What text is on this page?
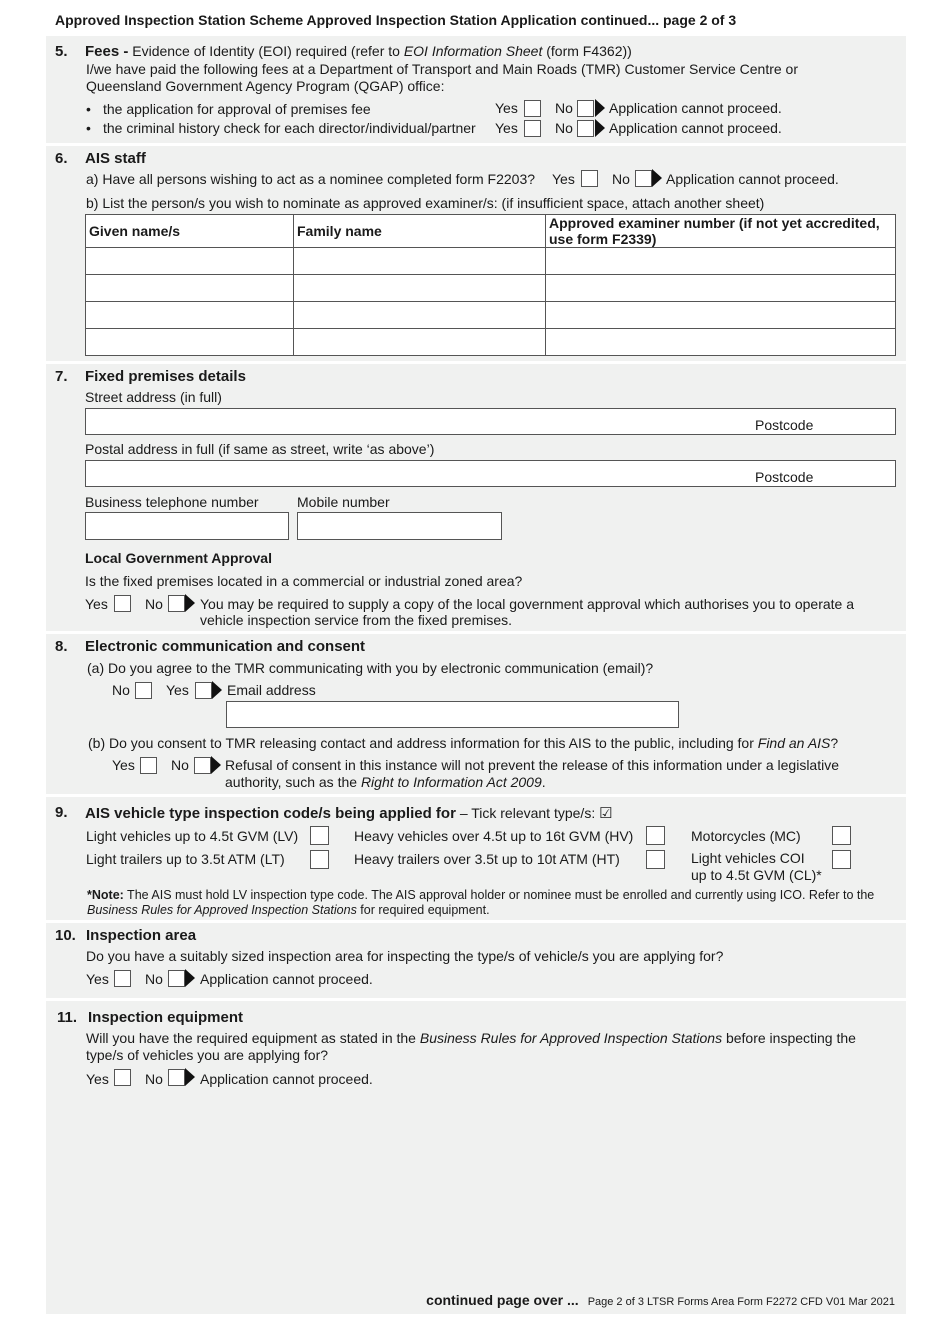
Approved Inspection Station Scheme Approved Inspection Station Application continued... page 2 of 3
5. Fees - Evidence of Identity (EOI) required (refer to EOI Information Sheet (form F4362))
I/we have paid the following fees at a Department of Transport and Main Roads (TMR) Customer Service Centre or
Queensland Government Agency Program (QGAP) office:
• the application for approval of premises fee	Yes	No	Application cannot proceed.
• the criminal history check for each director/individual/partner Yes	No	Application cannot proceed.
6. AIS staff
a) Have all persons wishing to act as a nominee completed form F2203? Yes	No	Application cannot proceed.
b) List the person/s you wish to nominate as approved examiner/s: (if insufficient space, attach another sheet)
Given name/s	Family name	Approved examiner number (if not yet accredited,
use form F2339)

7. Fixed premises details
Street address (in full)
Postcode
Postal address in full (if same as street, write ‘as above’)
Postcode
Business telephone number	Mobile number
Local Government Approval
Is the fixed premises located in a commercial or industrial zoned area?
Yes	No	You may be required to supply a copy of the local government approval which authorises you to operate a
vehicle inspection service from the fixed premises.
8. Electronic communication and consent
(a) Do you agree to the TMR communicating with you by electronic communication (email)?
No	Yes	Email address
(b) Do you consent to TMR releasing contact and address information for this AIS to the public, including for Find an AIS?
Yes	No	Refusal of consent in this instance will not prevent the release of this information under a legislative
authority, such as the Right to Information Act 2009.
9. AIS vehicle type inspection code/s being applied for – Tick relevant type/s: ☑
Light vehicles up to 4.5t GVM (LV)	Heavy vehicles over 4.5t up to 16t GVM (HV)	Motorcycles (MC)
Light trailers up to 3.5t ATM (LT)	Heavy trailers over 3.5t up to 10t ATM (HT)	Light vehicles COI
up to 4.5t GVM (CL)*
*Note: The AIS must hold LV inspection type code. The AIS approval holder or nominee must be enrolled and currently using ICO. Refer to the
Business Rules for Approved Inspection Stations for required equipment.
10. Inspection area
Do you have a suitably sized inspection area for inspecting the type/s of vehicle/s you are applying for?
Yes	No	Application cannot proceed.
11. Inspection equipment
Will you have the required equipment as stated in the Business Rules for Approved Inspection Stations before inspecting the
type/s of vehicles you are applying for?
Yes	No	Application cannot proceed.
continued page over ... Page 2 of 3 LTSR Forms Area Form F2272 CFD V01 Mar 2021
